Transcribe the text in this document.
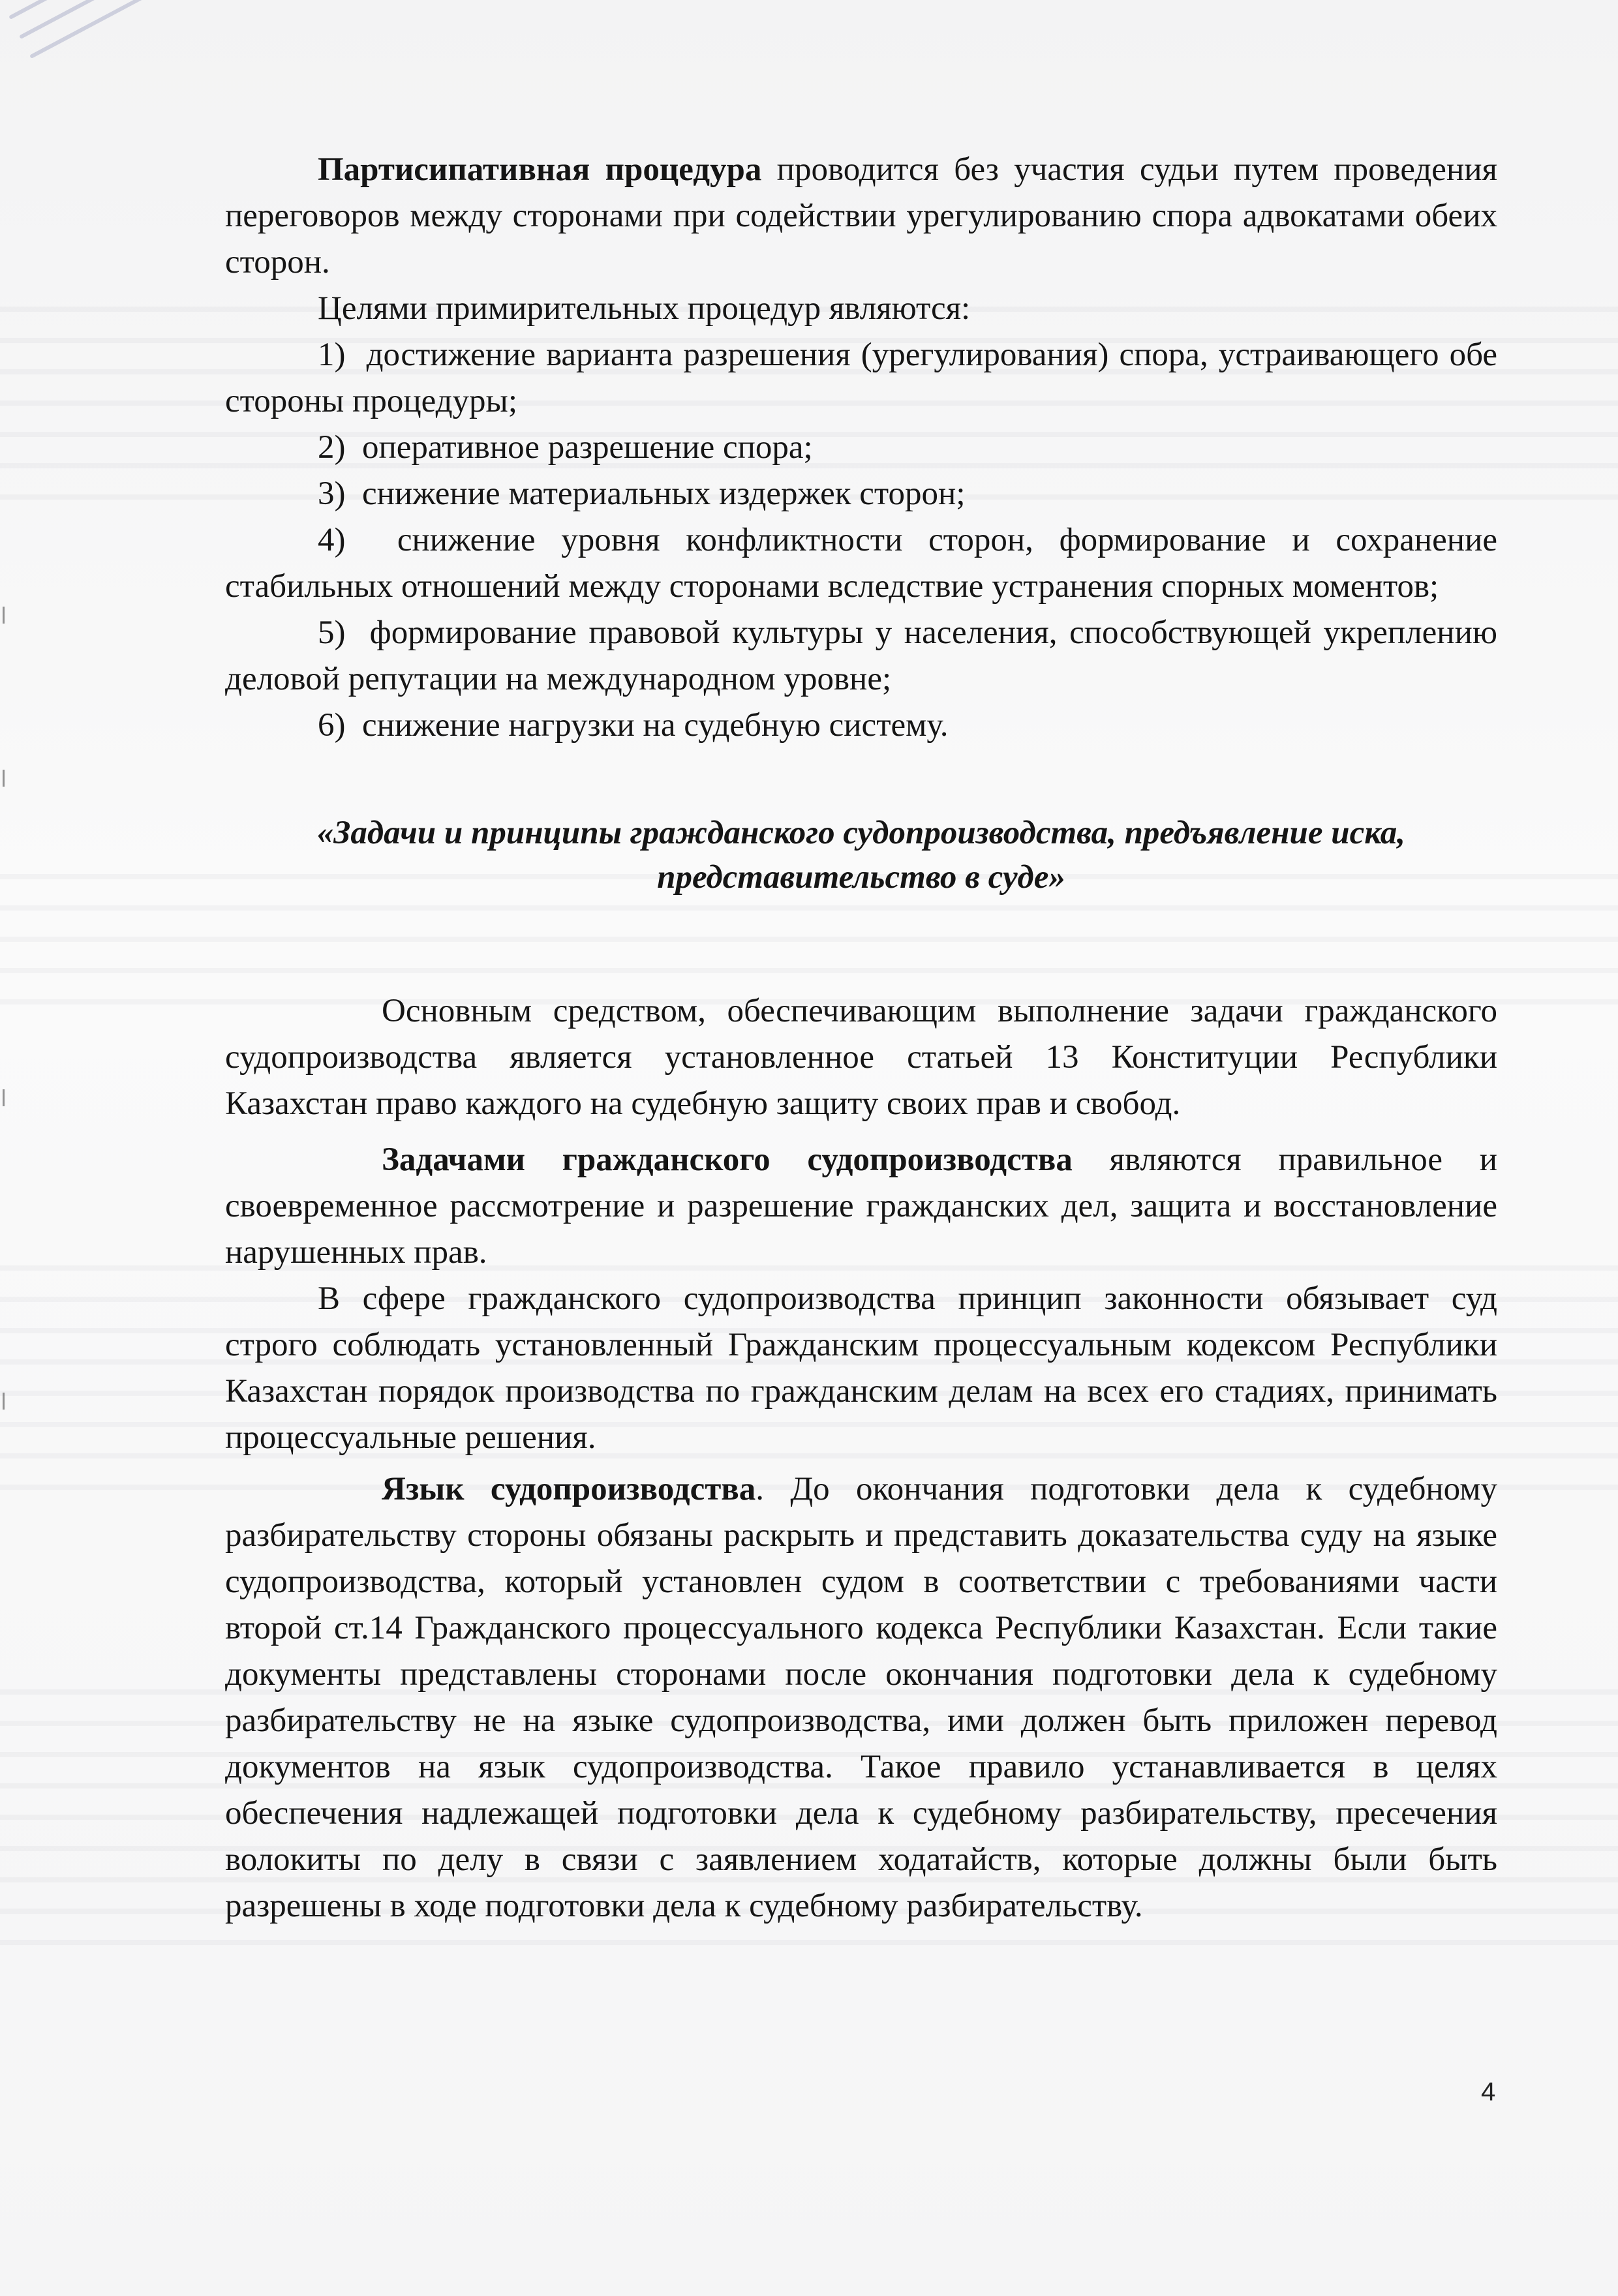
Партисипативная процедура проводится без участия судьи путем проведения переговоров между сторонами при содействии урегулированию спора адвокатами обеих сторон.

Целями примирительных процедур являются:

1)  достижение варианта разрешения (урегулирования) спора, устраивающего обе стороны процедуры;

2)  оперативное разрешение спора;

3)  снижение материальных издержек сторон;

4)  снижение уровня конфликтности сторон, формирование и сохранение стабильных отношений между сторонами вследствие устранения спорных моментов;

5)  формирование правовой культуры у населения, способствующей укреплению деловой репутации на международном уровне;

6)  снижение нагрузки на судебную систему.

«Задачи и принципы гражданского судопроизводства, предъявление иска, представительство в суде»

Основным средством, обеспечивающим выполнение задачи гражданского судопроизводства является установленное статьей 13 Конституции Республики Казахстан право каждого на судебную защиту своих прав и свобод.

Задачами гражданского судопроизводства являются правильное и своевременное рассмотрение и разрешение гражданских дел, защита и восстановление нарушенных прав.

В сфере гражданского судопроизводства принцип законности обязывает суд строго соблюдать установленный Гражданским процессуальным кодексом Республики Казахстан порядок производства по гражданским делам на всех его стадиях, принимать процессуальные решения.

Язык судопроизводства. До окончания подготовки дела к судебному разбирательству стороны обязаны раскрыть и представить доказательства суду на языке судопроизводства, который установлен судом в соответствии с требованиями части второй ст.14 Гражданского процессуального кодекса Республики Казахстан. Если такие документы представлены сторонами после окончания подготовки дела к судебному разбирательству не на языке судопроизводства, ими должен быть приложен перевод документов на язык судопроизводства. Такое правило устанавливается в целях обеспечения надлежащей подготовки дела к судебному разбирательству, пресечения волокиты по делу в связи с заявлением ходатайств, которые должны были быть разрешены в ходе подготовки дела к судебному разбирательству.

4
